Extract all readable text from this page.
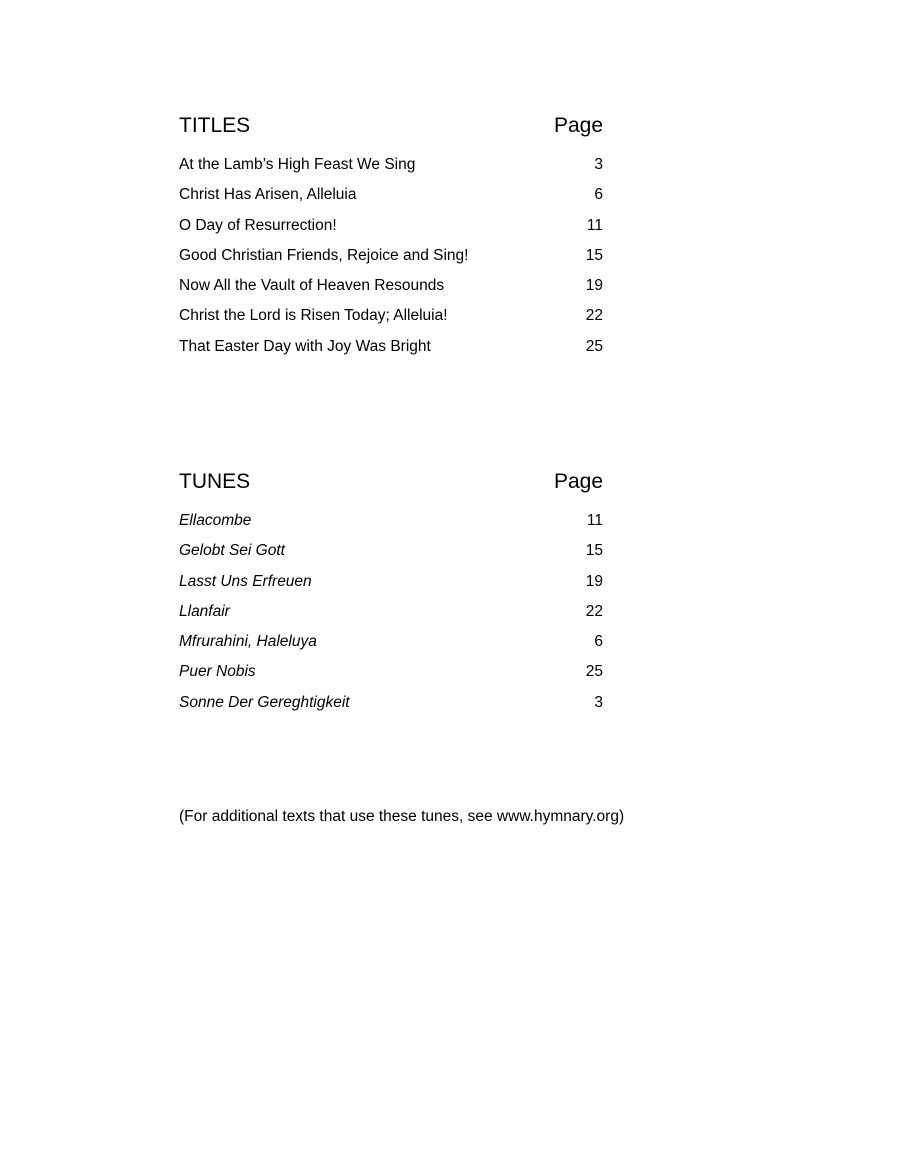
TITLES	Page
At the Lamb’s High Feast We Sing	3
Christ Has Arisen, Alleluia	6
O Day of Resurrection!	11
Good Christian Friends, Rejoice and Sing!	15
Now All the Vault of Heaven Resounds	19
Christ the Lord is Risen Today; Alleluia!	22
That Easter Day with Joy Was Bright	25
TUNES	Page
Ellacombe	11
Gelobt Sei Gott	15
Lasst Uns Erfreuen	19
Llanfair	22
Mfrurahini, Haleluya	6
Puer Nobis	25
Sonne Der Gereghtigkeit	3

(For additional texts that use these tunes, see www.hymnary.org)
